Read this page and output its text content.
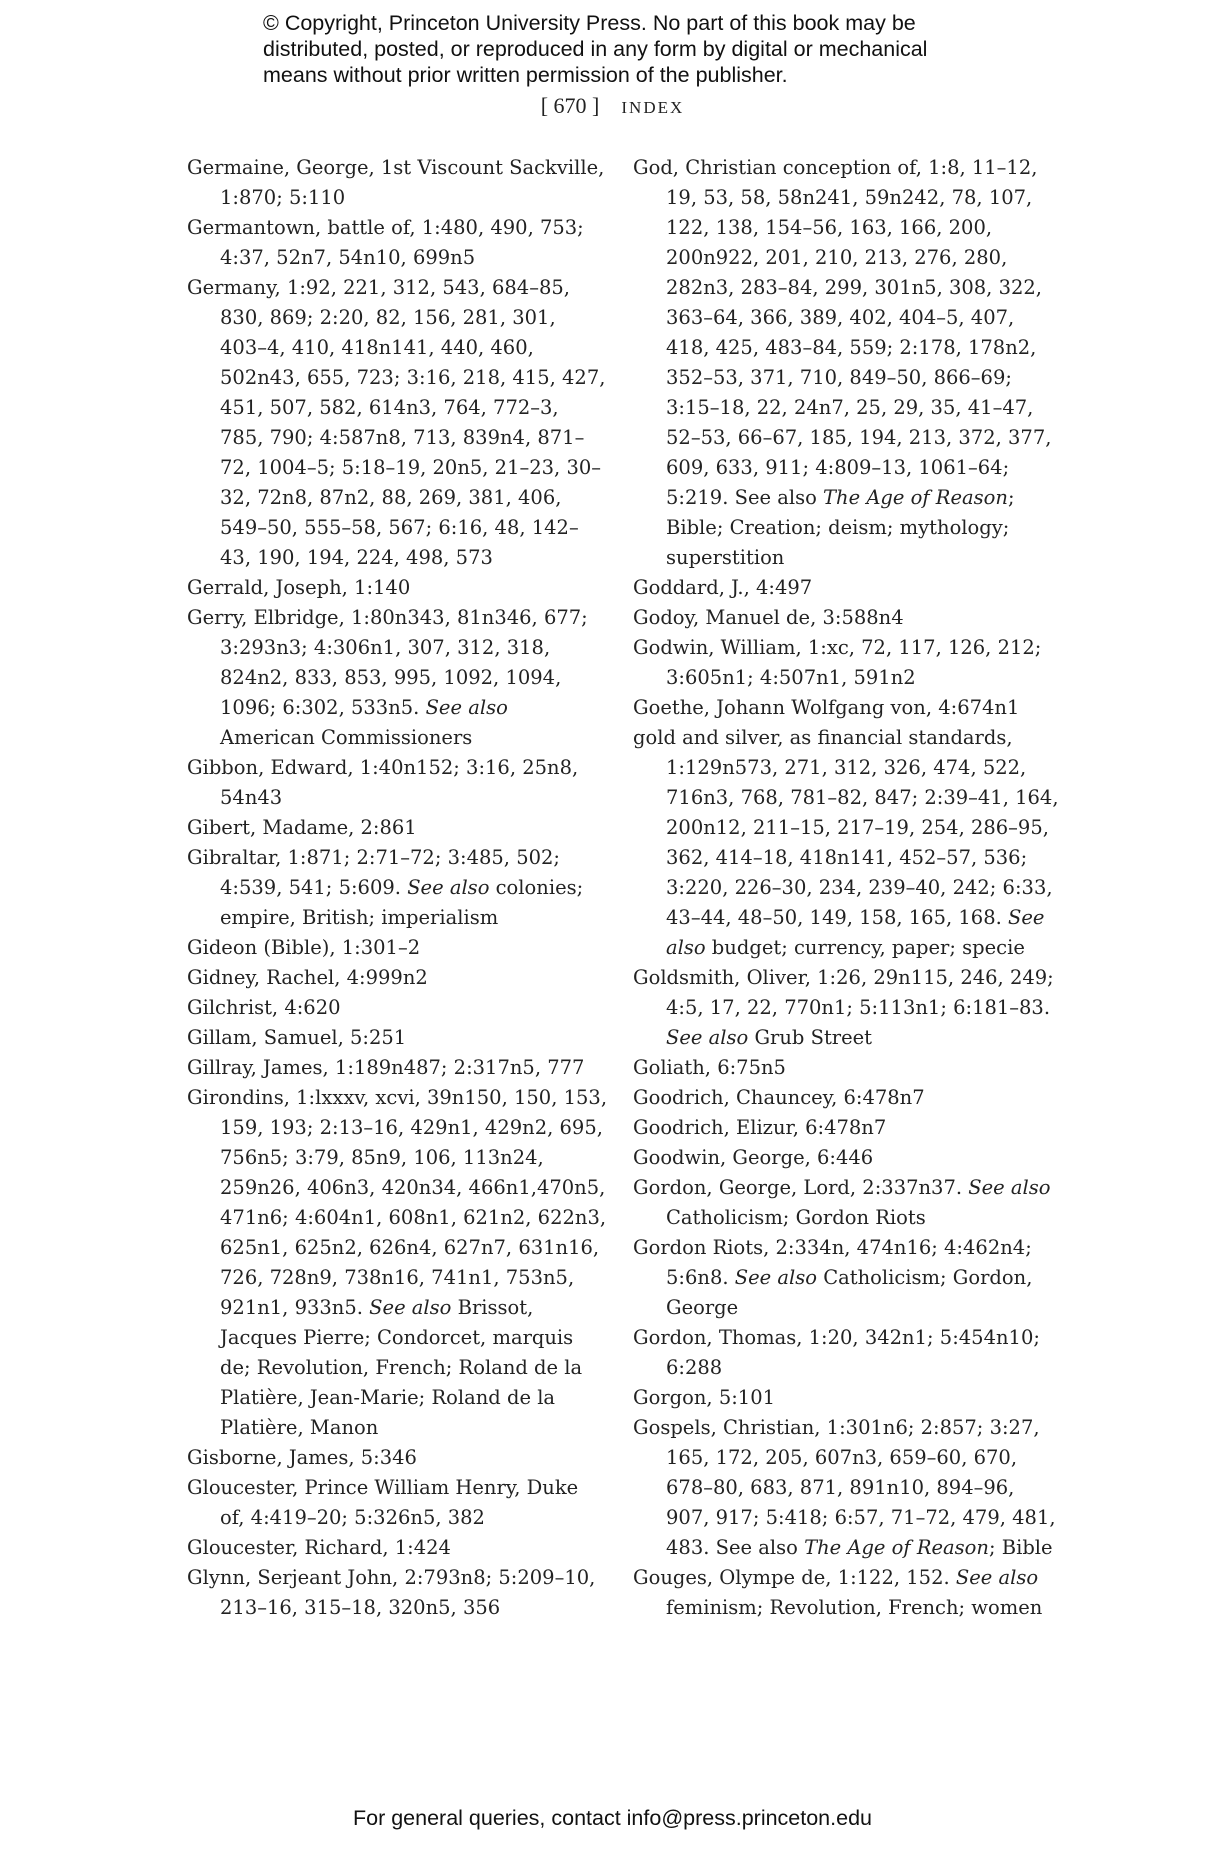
© Copyright, Princeton University Press. No part of this book may be
distributed, posted, or reproduced in any form by digital or mechanical
means without prior written permission of the publisher.
[ 670 ] INDEX
Germaine, George, 1st Viscount Sackville, 1:870; 5:110
Germantown, battle of, 1:480, 490, 753; 4:37, 52n7, 54n10, 699n5
Germany, 1:92, 221, 312, 543, 684–85, 830, 869; 2:20, 82, 156, 281, 301, 403–4, 410, 418n141, 440, 460, 502n43, 655, 723; 3:16, 218, 415, 427, 451, 507, 582, 614n3, 764, 772–3, 785, 790; 4:587n8, 713, 839n4, 871–72, 1004–5; 5:18–19, 20n5, 21–23, 30–32, 72n8, 87n2, 88, 269, 381, 406, 549–50, 555–58, 567; 6:16, 48, 142–43, 190, 194, 224, 498, 573
Gerrald, Joseph, 1:140
Gerry, Elbridge, 1:80n343, 81n346, 677; 3:293n3; 4:306n1, 307, 312, 318, 824n2, 833, 853, 995, 1092, 1094, 1096; 6:302, 533n5. See also American Commissioners
Gibbon, Edward, 1:40n152; 3:16, 25n8, 54n43
Gibert, Madame, 2:861
Gibraltar, 1:871; 2:71–72; 3:485, 502; 4:539, 541; 5:609. See also colonies; empire, British; imperialism
Gideon (Bible), 1:301–2
Gidney, Rachel, 4:999n2
Gilchrist, 4:620
Gillam, Samuel, 5:251
Gillray, James, 1:189n487; 2:317n5, 777
Girondins, 1:lxxxv, xcvi, 39n150, 150, 153, 159, 193; 2:13–16, 429n1, 429n2, 695, 756n5; 3:79, 85n9, 106, 113n24, 259n26, 406n3, 420n34, 466n1,470n5, 471n6; 4:604n1, 608n1, 621n2, 622n3, 625n1, 625n2, 626n4, 627n7, 631n16, 726, 728n9, 738n16, 741n1, 753n5, 921n1, 933n5. See also Brissot, Jacques Pierre; Condorcet, marquis de; Revolution, French; Roland de la Platière, Jean-Marie; Roland de la Platière, Manon
Gisborne, James, 5:346
Gloucester, Prince William Henry, Duke of, 4:419–20; 5:326n5, 382
Gloucester, Richard, 1:424
Glynn, Serjeant John, 2:793n8; 5:209–10, 213–16, 315–18, 320n5, 356
God, Christian conception of, 1:8, 11–12, 19, 53, 58, 58n241, 59n242, 78, 107, 122, 138, 154–56, 163, 166, 200, 200n922, 201, 210, 213, 276, 280, 282n3, 283–84, 299, 301n5, 308, 322, 363–64, 366, 389, 402, 404–5, 407, 418, 425, 483–84, 559; 2:178, 178n2, 352–53, 371, 710, 849–50, 866–69; 3:15–18, 22, 24n7, 25, 29, 35, 41–47, 52–53, 66–67, 185, 194, 213, 372, 377, 609, 633, 911; 4:809–13, 1061–64; 5:219. See also The Age of Reason; Bible; Creation; deism; mythology; superstition
Goddard, J., 4:497
Godoy, Manuel de, 3:588n4
Godwin, William, 1:xc, 72, 117, 126, 212; 3:605n1; 4:507n1, 591n2
Goethe, Johann Wolfgang von, 4:674n1
gold and silver, as financial standards, 1:129n573, 271, 312, 326, 474, 522, 716n3, 768, 781–82, 847; 2:39–41, 164, 200n12, 211–15, 217–19, 254, 286–95, 362, 414–18, 418n141, 452–57, 536; 3:220, 226–30, 234, 239–40, 242; 6:33, 43–44, 48–50, 149, 158, 165, 168. See also budget; currency, paper; specie
Goldsmith, Oliver, 1:26, 29n115, 246, 249; 4:5, 17, 22, 770n1; 5:113n1; 6:181–83. See also Grub Street
Goliath, 6:75n5
Goodrich, Chauncey, 6:478n7
Goodrich, Elizur, 6:478n7
Goodwin, George, 6:446
Gordon, George, Lord, 2:337n37. See also Catholicism; Gordon Riots
Gordon Riots, 2:334n, 474n16; 4:462n4; 5:6n8. See also Catholicism; Gordon, George
Gordon, Thomas, 1:20, 342n1; 5:454n10; 6:288
Gorgon, 5:101
Gospels, Christian, 1:301n6; 2:857; 3:27, 165, 172, 205, 607n3, 659–60, 670, 678–80, 683, 871, 891n10, 894–96, 907, 917; 5:418; 6:57, 71–72, 479, 481, 483. See also The Age of Reason; Bible
Gouges, Olympe de, 1:122, 152. See also feminism; Revolution, French; women
For general queries, contact info@press.princeton.edu
